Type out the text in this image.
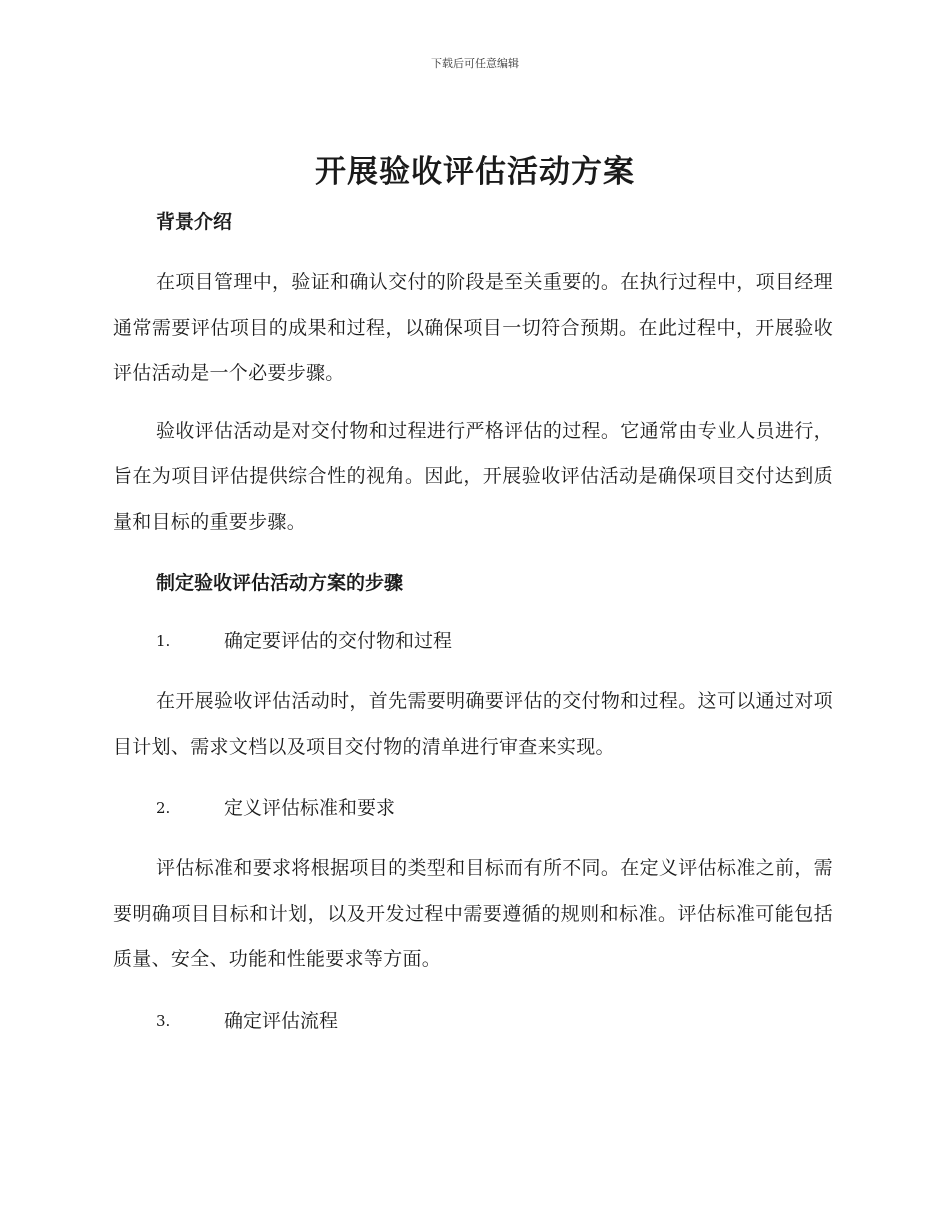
下载后可任意编辑
开展验收评估活动方案
背景介绍

在项目管理中，验证和确认交付的阶段是至关重要的。在执行过程中，项目经理通常需要评估项目的成果和过程，以确保项目一切符合预期。在此过程中，开展验收评估活动是一个必要步骤。

验收评估活动是对交付物和过程进行严格评估的过程。它通常由专业人员进行，旨在为项目评估提供综合性的视角。因此，开展验收评估活动是确保项目交付达到质量和目标的重要步骤。

制定验收评估活动方案的步骤
1.	确定要评估的交付物和过程

在开展验收评估活动时，首先需要明确要评估的交付物和过程。这可以通过对项目计划、需求文档以及项目交付物的清单进行审查来实现。

2.	定义评估标准和要求

评估标准和要求将根据项目的类型和目标而有所不同。在定义评估标准之前，需要明确项目目标和计划，以及开发过程中需要遵循的规则和标准。评估标准可能包括质量、安全、功能和性能要求等方面。

3.	确定评估流程
